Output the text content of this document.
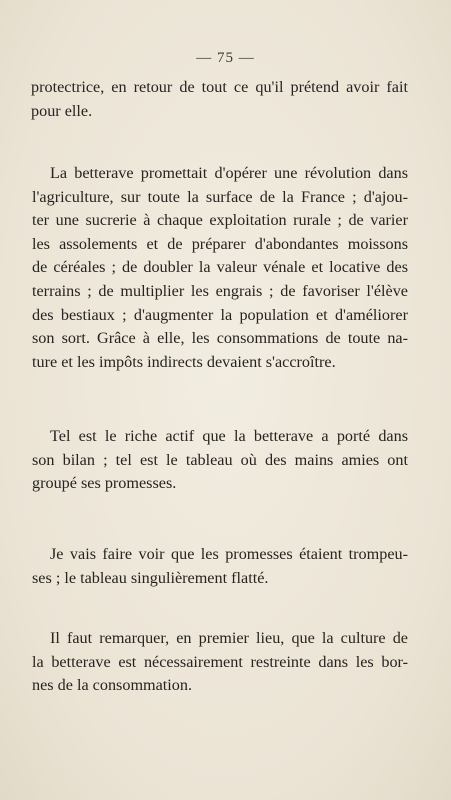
— 75 —
protectrice, en retour de tout ce qu'il prétend avoir fait
pour elle.
La betterave promettait d'opérer une révolution dans
l'agriculture, sur toute la surface de la France ; d'ajou-
ter une sucrerie à chaque exploitation rurale ; de varier
les assolements et de préparer d'abondantes moissons
de céréales ; de doubler la valeur vénale et locative des
terrains ; de multiplier les engrais ; de favoriser l'élève
des bestiaux ; d'augmenter la population et d'améliorer
son sort. Grâce à elle, les consommations de toute na-
ture et les impôts indirects devaient s'accroître.
Tel est le riche actif que la betterave a porté dans
son bilan ; tel est le tableau où des mains amies ont
groupé ses promesses.
Je vais faire voir que les promesses étaient trompeu-
ses ; le tableau singulièrement flatté.
Il faut remarquer, en premier lieu, que la culture de
la betterave est nécessairement restreinte dans les bor-
nes de la consommation.
